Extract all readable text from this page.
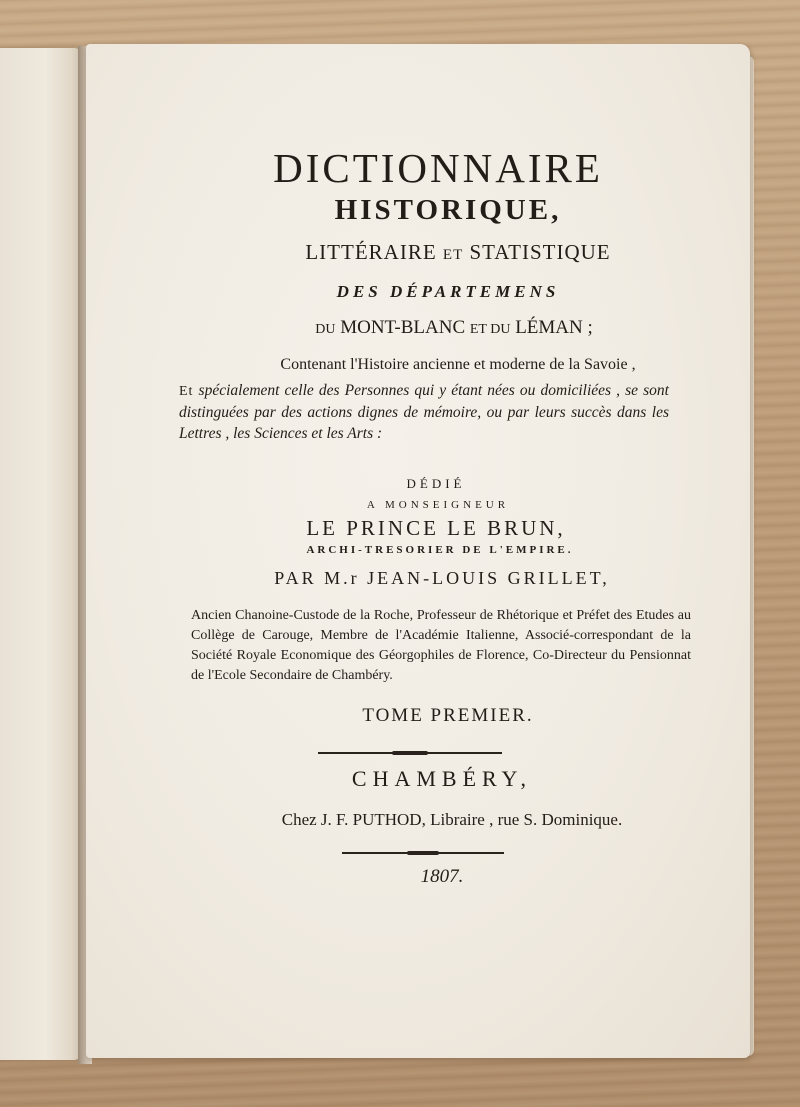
DICTIONNAIRE
HISTORIQUE,
LITTÉRAIRE ET STATISTIQUE
DES DÉPARTEMENS
DU MONT-BLANC ET DU LÉMAN ;
Contenant l'Histoire ancienne et moderne de la Savoie ,
Et spécialement celle des Personnes qui y étant nées ou domiciliées , se sont distinguées par des actions dignes de mémoire, ou par leurs succès dans les Lettres , les Sciences et les Arts :
DÉDIÉ
A MONSEIGNEUR
LE PRINCE LE BRUN,
ARCHI-TRESORIER DE L'EMPIRE.
PAR M.r JEAN-LOUIS GRILLET,
Ancien Chanoine-Custode de la Roche, Professeur de Rhétorique et Préfet des Etudes au Collège de Carouge, Membre de l'Académie Italienne, Associé-correspondant de la Société Royale Economique des Géorgophiles de Florence, Co-Directeur du Pensionnat de l'Ecole Secondaire de Chambéry.
TOME PREMIER.
CHAMBÉRY,
Chez J. F. PUTHOD, Libraire , rue S. Dominique.
1807.
